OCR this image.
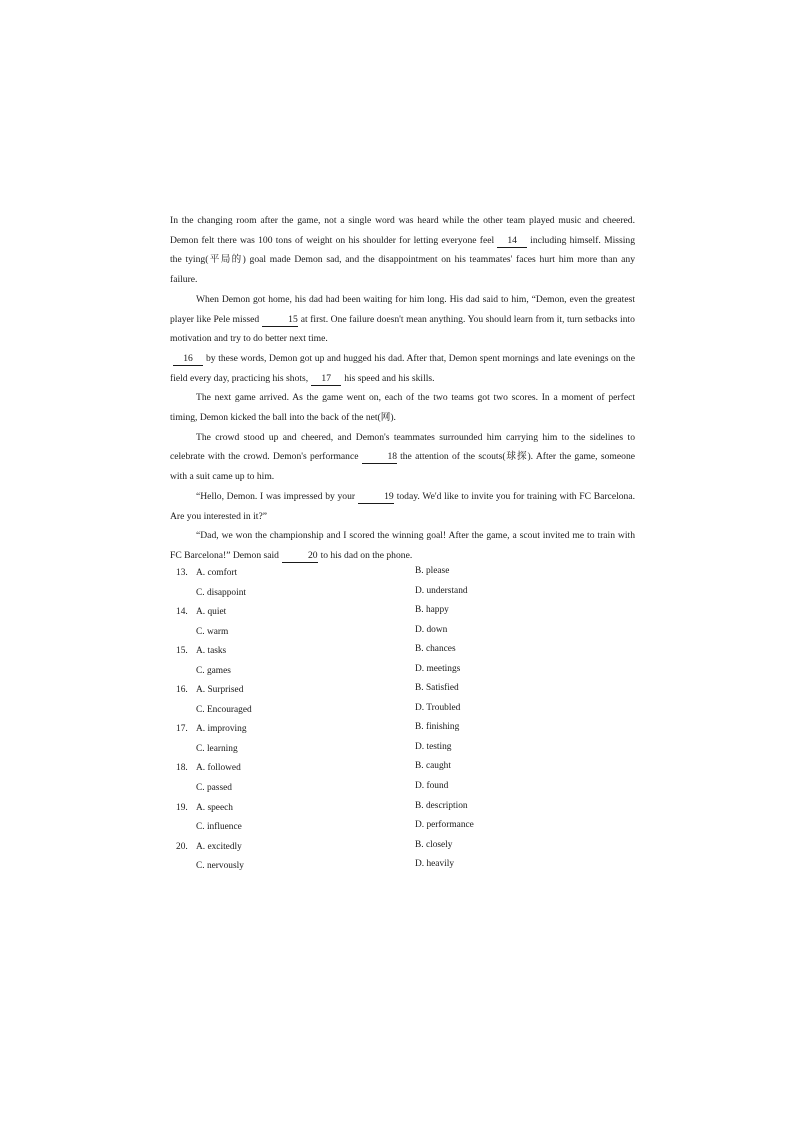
In the changing room after the game, not a single word was heard while the other team played music and cheered. Demon felt there was 100 tons of weight on his shoulder for letting everyone feel 14 including himself. Missing the tying(平局的) goal made Demon sad, and the disappointment on his teammates' faces hurt him more than any failure.

When Demon got home, his dad had been waiting for him long. His dad said to him, “Demon, even the greatest player like Pele missed	15 at first. One failure doesn't mean anything. You should learn from it, turn setbacks into motivation and try to do better next time.

16 by these words, Demon got up and hugged his dad. After that, Demon spent mornings and late evenings on the field every day, practicing his shots, 17 his speed and his skills.

The next game arrived. As the game went on, each of the two teams got two scores. In a moment of perfect timing, Demon kicked the ball into the back of the net(网).

The crowd stood up and cheered, and Demon's teammates surrounded him carrying him to the sidelines to celebrate with the crowd. Demon's performance	18 the attention of the scouts(球探). After the game, someone with a suit came up to him.

“Hello, Demon. I was impressed by your	19 today. We'd like to invite you for training with FC Barcelona. Are you interested in it?”

“Dad, we won the championship and I scored the winning goal! After the game, a scout invited me to train with FC Barcelona!” Demon said	20 to his dad on the phone.

13. A. comfort	B. please
C. disappoint	D. understand
14. A. quiet	B. happy
C. warm	D. down
15. A. tasks	B. chances
C. games	D. meetings
16. A. Surprised	B. Satisfied
C. Encouraged	D. Troubled
17. A. improving	B. finishing
C. learning	D. testing
18. A. followed	B. caught
C. passed	D. found
19. A. speech	B. description
C. influence	D. performance
20. A. excitedly	B. closely
C. nervously	D. heavily
